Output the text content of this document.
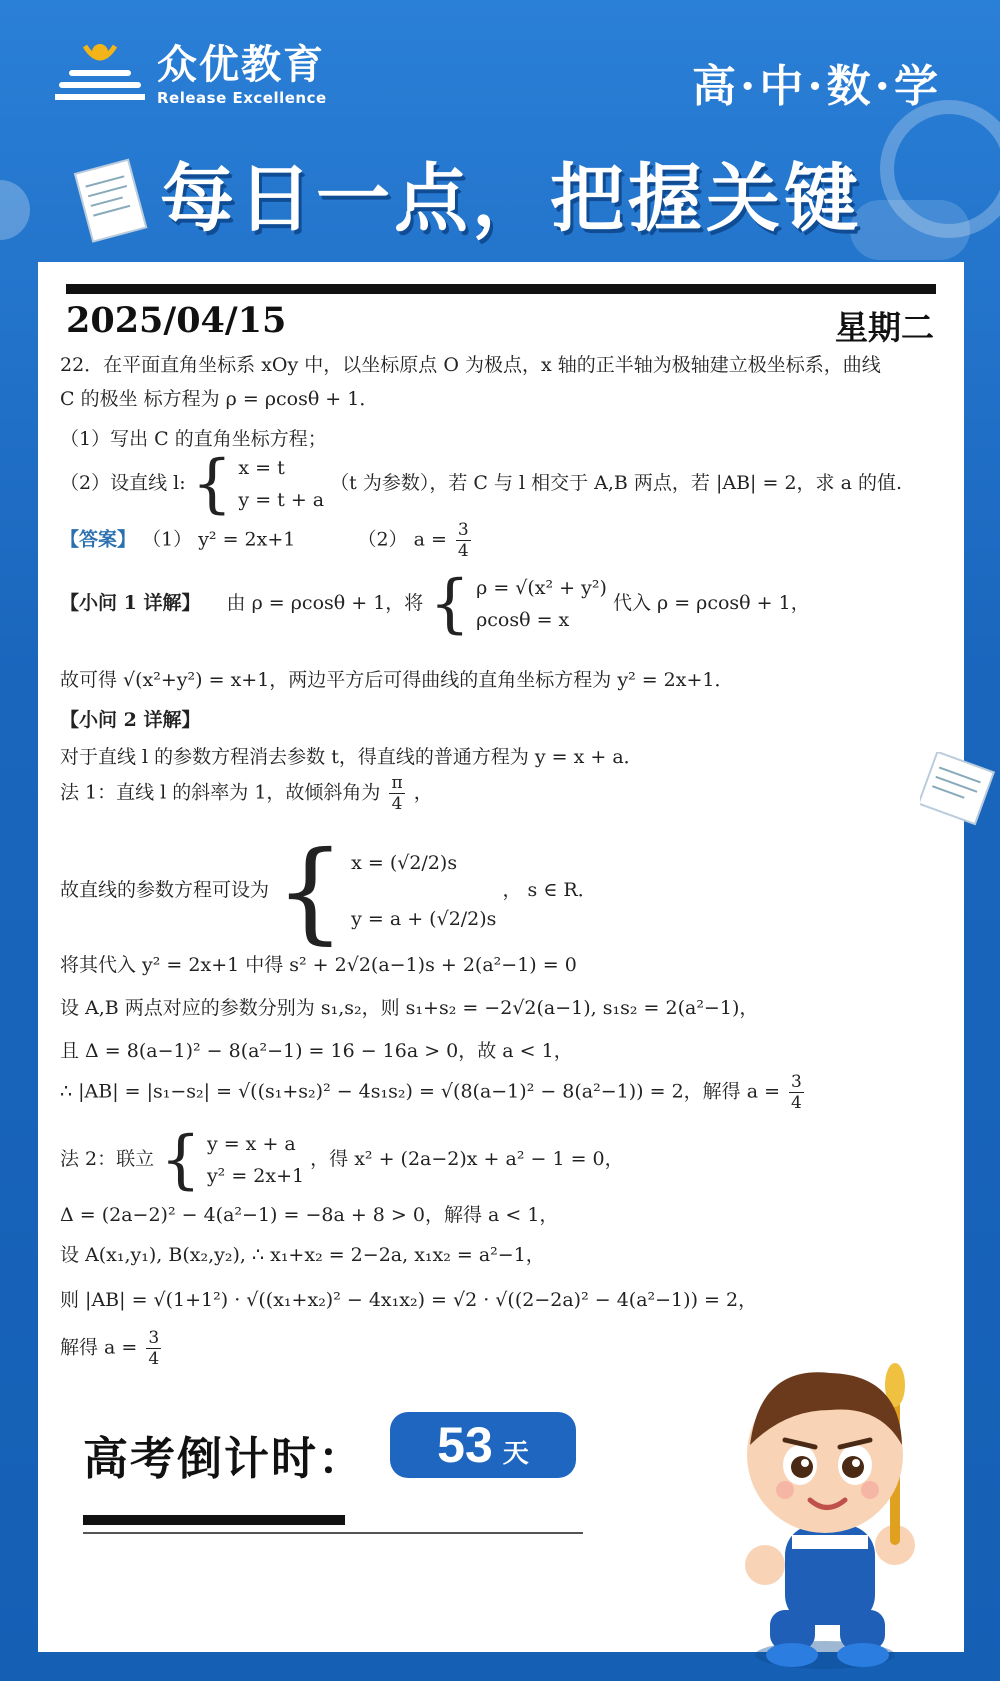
众优教育
Release Excellence	高·中·数·学
每日一点，把握关键
2025/04/15	星期二
22．在平面直角坐标系 xOy 中，以坐标原点 O 为极点，x 轴的正半轴为极轴建立极坐标系，曲线
C 的极坐 标方程为 ρ = ρcosθ + 1．
（1）写出 C 的直角坐标方程；
（2）设直线 l: { x = t
y = t + a
（t 为参数），若 C 与 l 相交于 A,B 两点，若 |AB| = 2，求 a 的值.
【答案】 （1） y² = 2x+1	（2） $a = \frac{3}{4}$
【小问 1 详解】 由 ρ = ρcosθ + 1，将 { ρ = √(x² + y²)
ρcosθ = x
代入 ρ = ρcosθ + 1，
故可得 √(x²+y²) = x+1，两边平方后可得曲线的直角坐标方程为 y² = 2x+1．
【小问 2 详解】
对于直线 l 的参数方程消去参数 t，得直线的普通方程为 y = x + a．
法 1：直线 l 的斜率为 1，故倾斜角为 $\frac{\pi}{4}$ ，
故直线的参数方程可设为 { x = (√2/2)s
y = a + (√2/2)s
， s ∈ R．
将其代入 y² = 2x+1 中得 s² + 2√2(a−1)s + 2(a²−1) = 0
设 A,B 两点对应的参数分别为 s₁,s₂，则 s₁+s₂ = −2√2(a−1), s₁s₂ = 2(a²−1)，
且 Δ = 8(a−1)² − 8(a²−1) = 16 − 16a > 0，故 a < 1，
∴ |AB| = |s₁−s₂| = √((s₁+s₂)² − 4s₁s₂) = √(8(a−1)² − 8(a²−1)) = 2，解得 $a = \frac{3}{4}$
法 2：联立 { y = x + a
y² = 2x+1
，得 x² + (2a−2)x + a² − 1 = 0，
Δ = (2a−2)² − 4(a²−1) = −8a + 8 > 0，解得 a < 1，
设 A(x₁,y₁), B(x₂,y₂), ∴ x₁+x₂ = 2−2a, x₁x₂ = a²−1，
则 |AB| = √(1+1²) · √((x₁+x₂)² − 4x₁x₂) = √2 · √((2−2a)² − 4(a²−1)) = 2，
解得 $a = \frac{3}{4}$
高考倒计时： 53 天
